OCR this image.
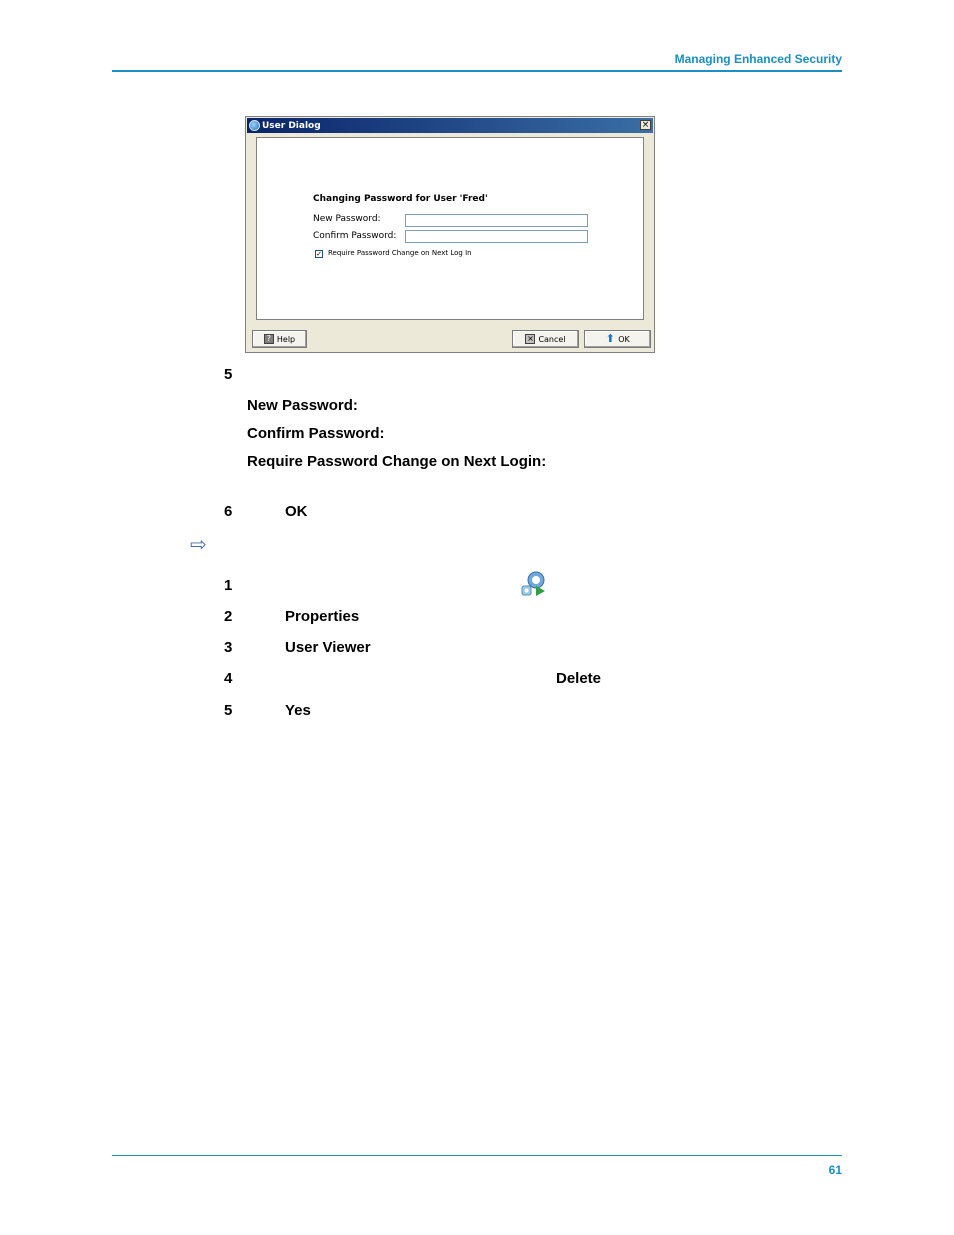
Managing Enhanced Security
User Dialog	×
Changing Password for User 'Fred'
New Password:
Confirm Password:
✓ Require Password Change on Next Log In
? Help	× Cancel	⬆ OK
5
New Password:
Confirm Password:
Require Password Change on Next Login:
6	OK
⇨
1
2	Properties
3	User Viewer
4	Delete
5	Yes
61
